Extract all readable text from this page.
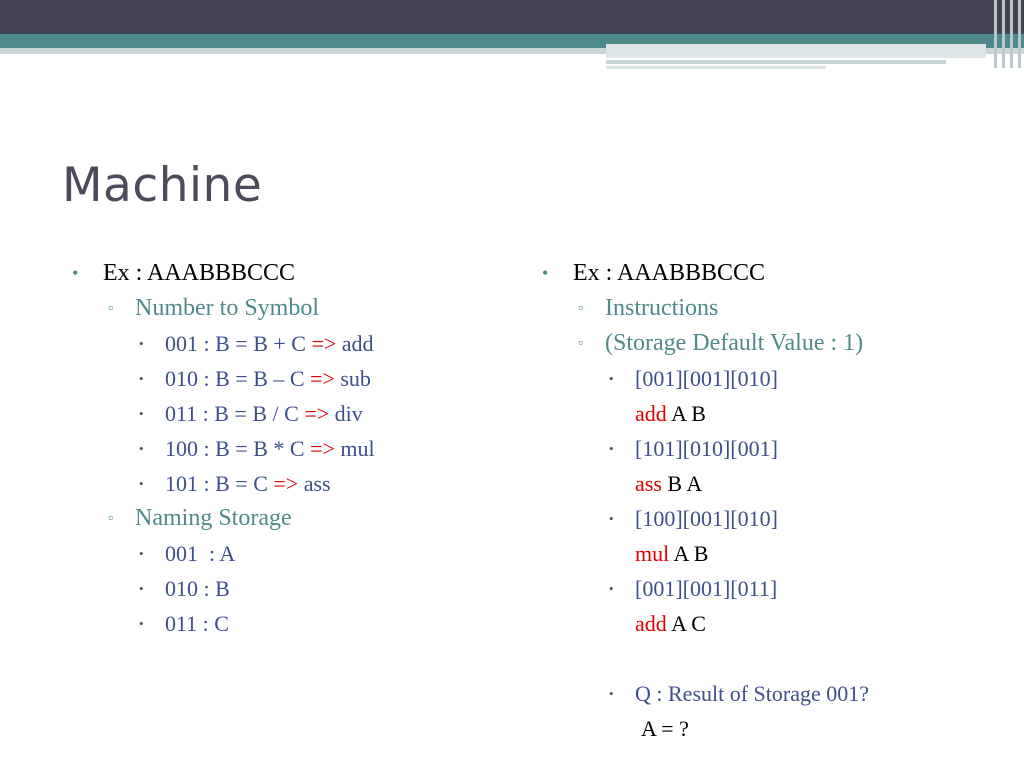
Machine
• Ex : AAABBBCCC
▫ Number to Symbol
• 001 : B = B + C => add
• 010 : B = B – C => sub
• 011 : B = B / C => div
• 100 : B = B * C => mul
• 101 : B = C => ass
▫ Naming Storage
• 001  : A
• 010 : B
• 011 : C
• Ex : AAABBBCCC
▫ Instructions
▫ (Storage Default Value : 1)
• [001][001][010]
add A B
• [101][010][001]
ass B A
• [100][001][010]
mul A B
• [001][001][011]
add A C
• Q : Result of Storage 001?
A = ?
